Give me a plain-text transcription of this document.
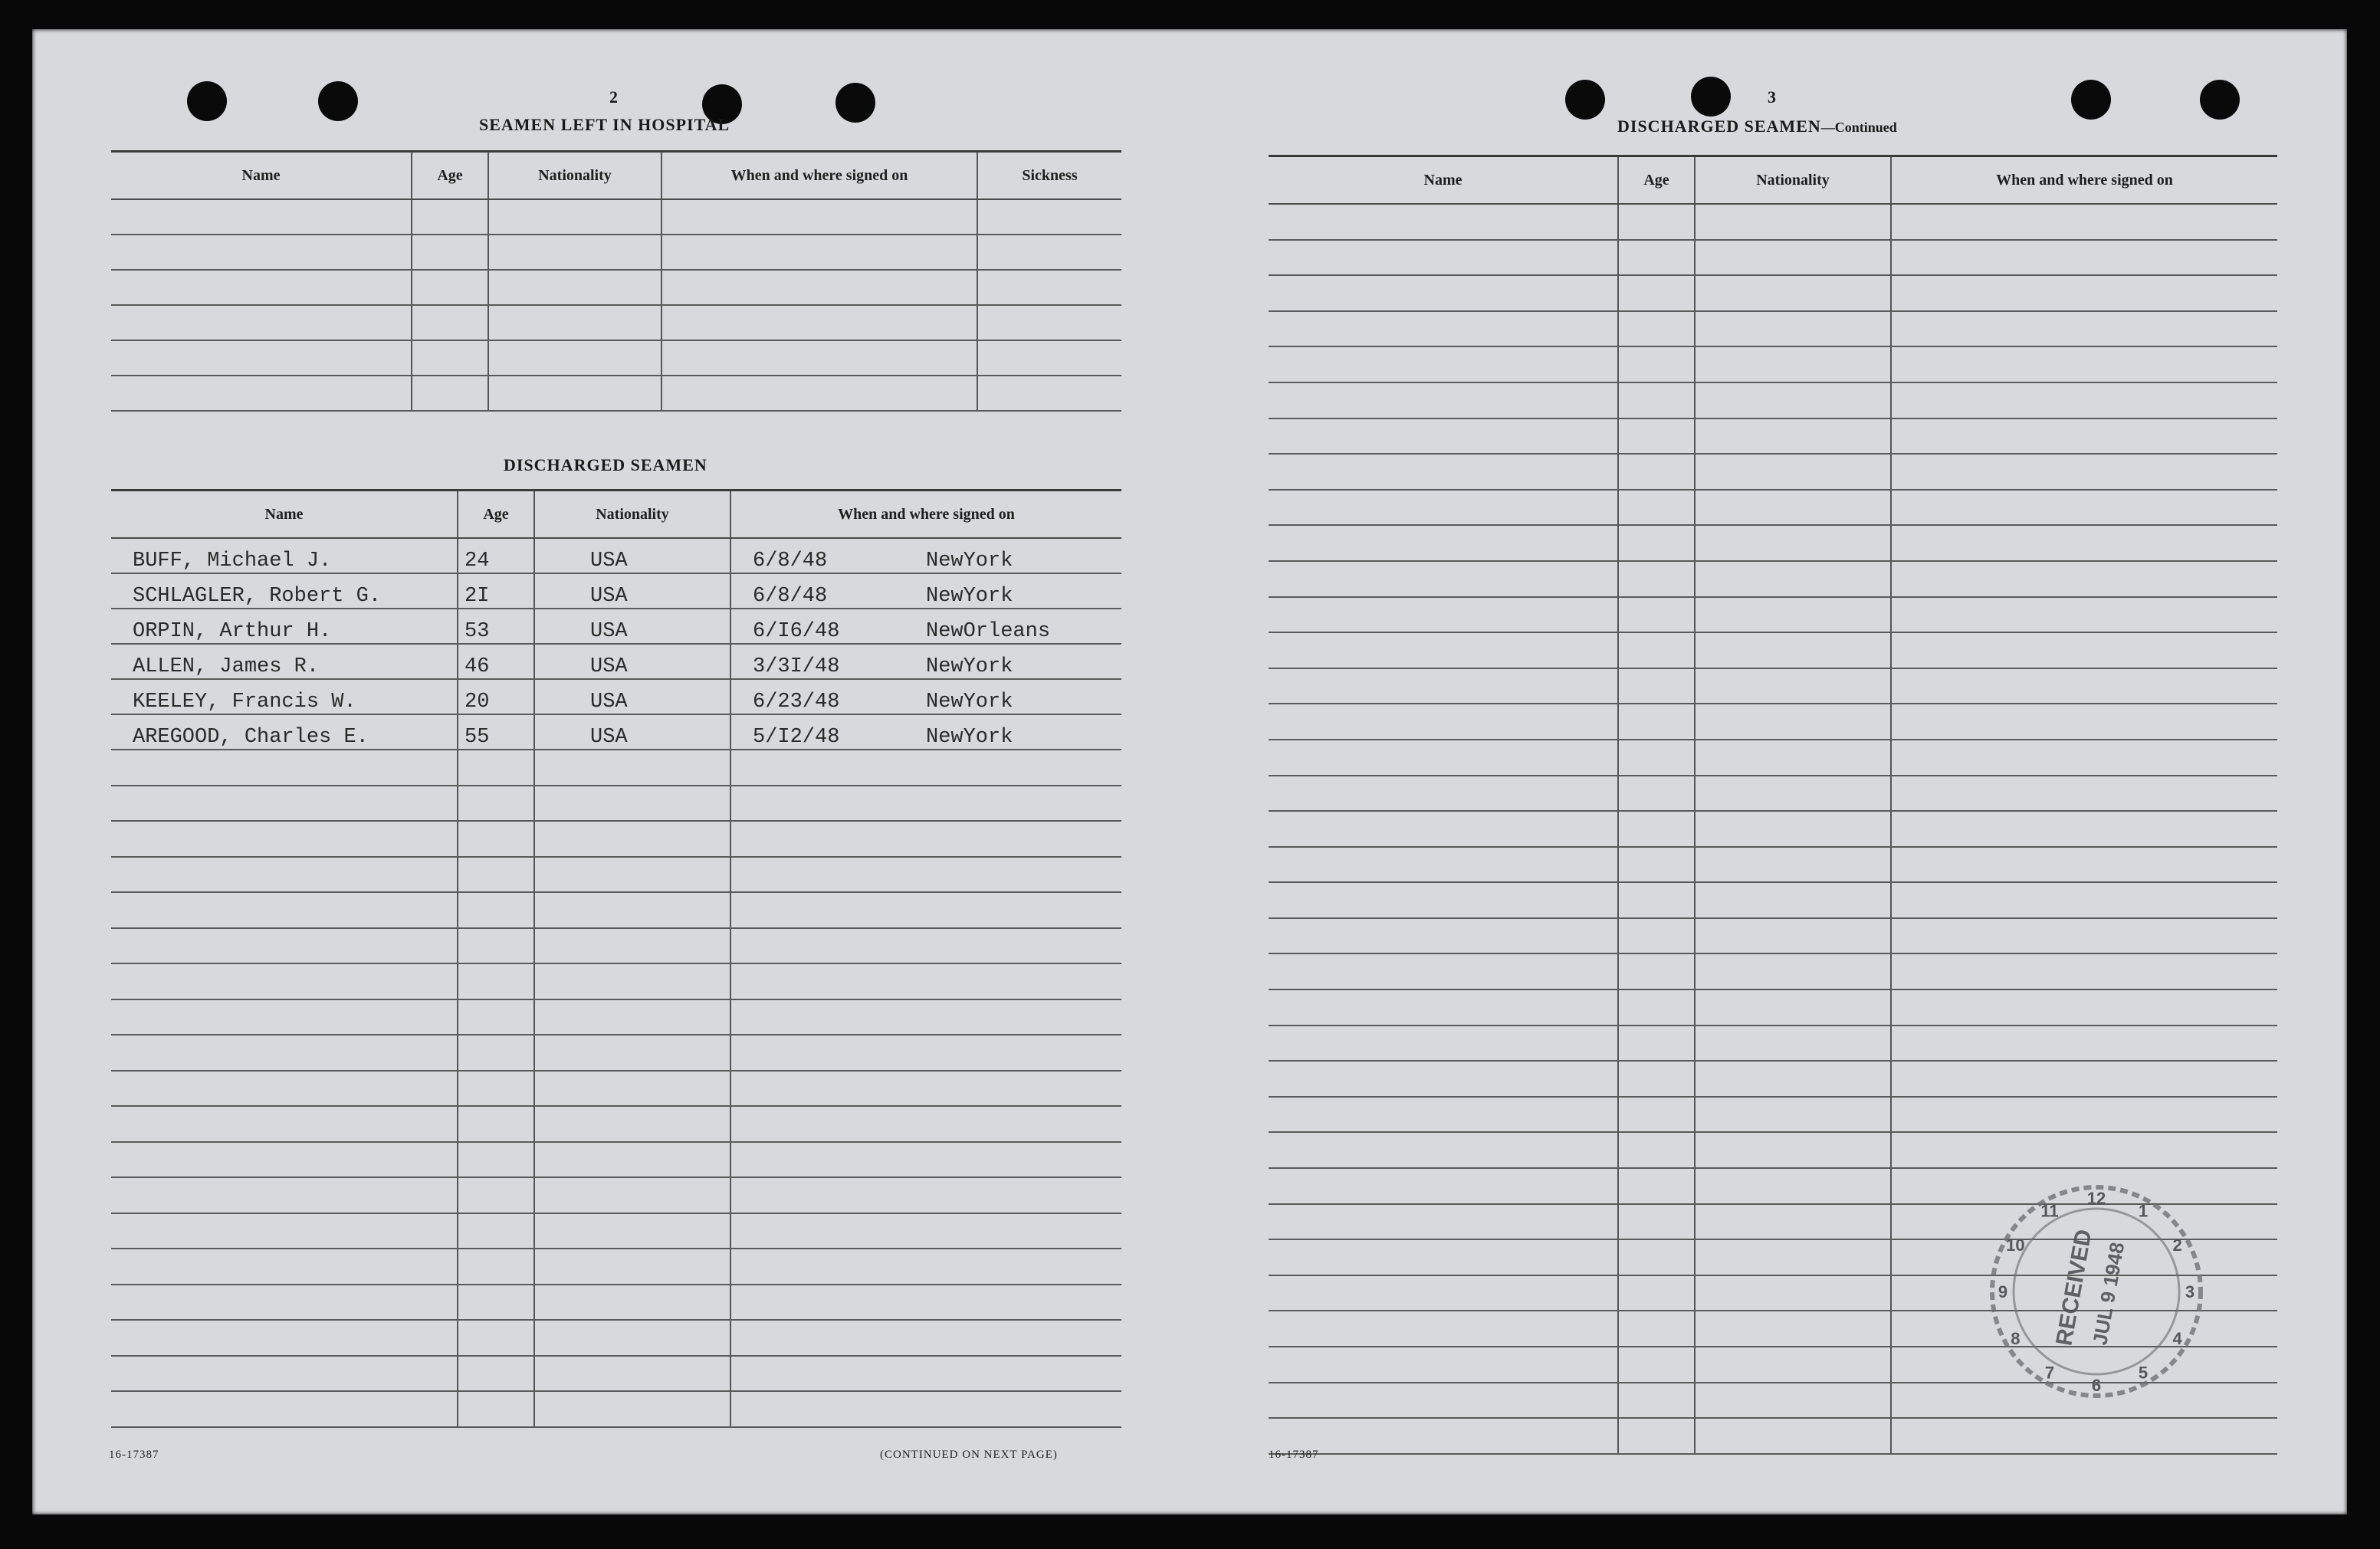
2
SEAMEN LEFT IN HOSPITAL
Name	Age	Nationality	When and where signed on	Sickness

DISCHARGED SEAMEN
Name	Age	Nationality	When and where signed on
BUFF, Michael J.	24	USA	6/8/48 NewYork
SCHLAGLER, Robert G.	2I	USA	6/8/48 NewYork
ORPIN, Arthur H.	53	USA	6/I6/48 NewOrleans
ALLEN, James R.	46	USA	3/3I/48 NewYork
KEELEY, Francis W.	20	USA	6/23/48 NewYork
AREGOOD, Charles E.	55	USA	5/I2/48 NewYork

16-17387	(CONTINUED ON NEXT PAGE)
3
DISCHARGED SEAMEN—Continued
Name	Age	Nationality	When and where signed on

16-17387
12
1
2
3
4
5
6
7
8
9
10
11
RECEIVED
JUL 9 1948
